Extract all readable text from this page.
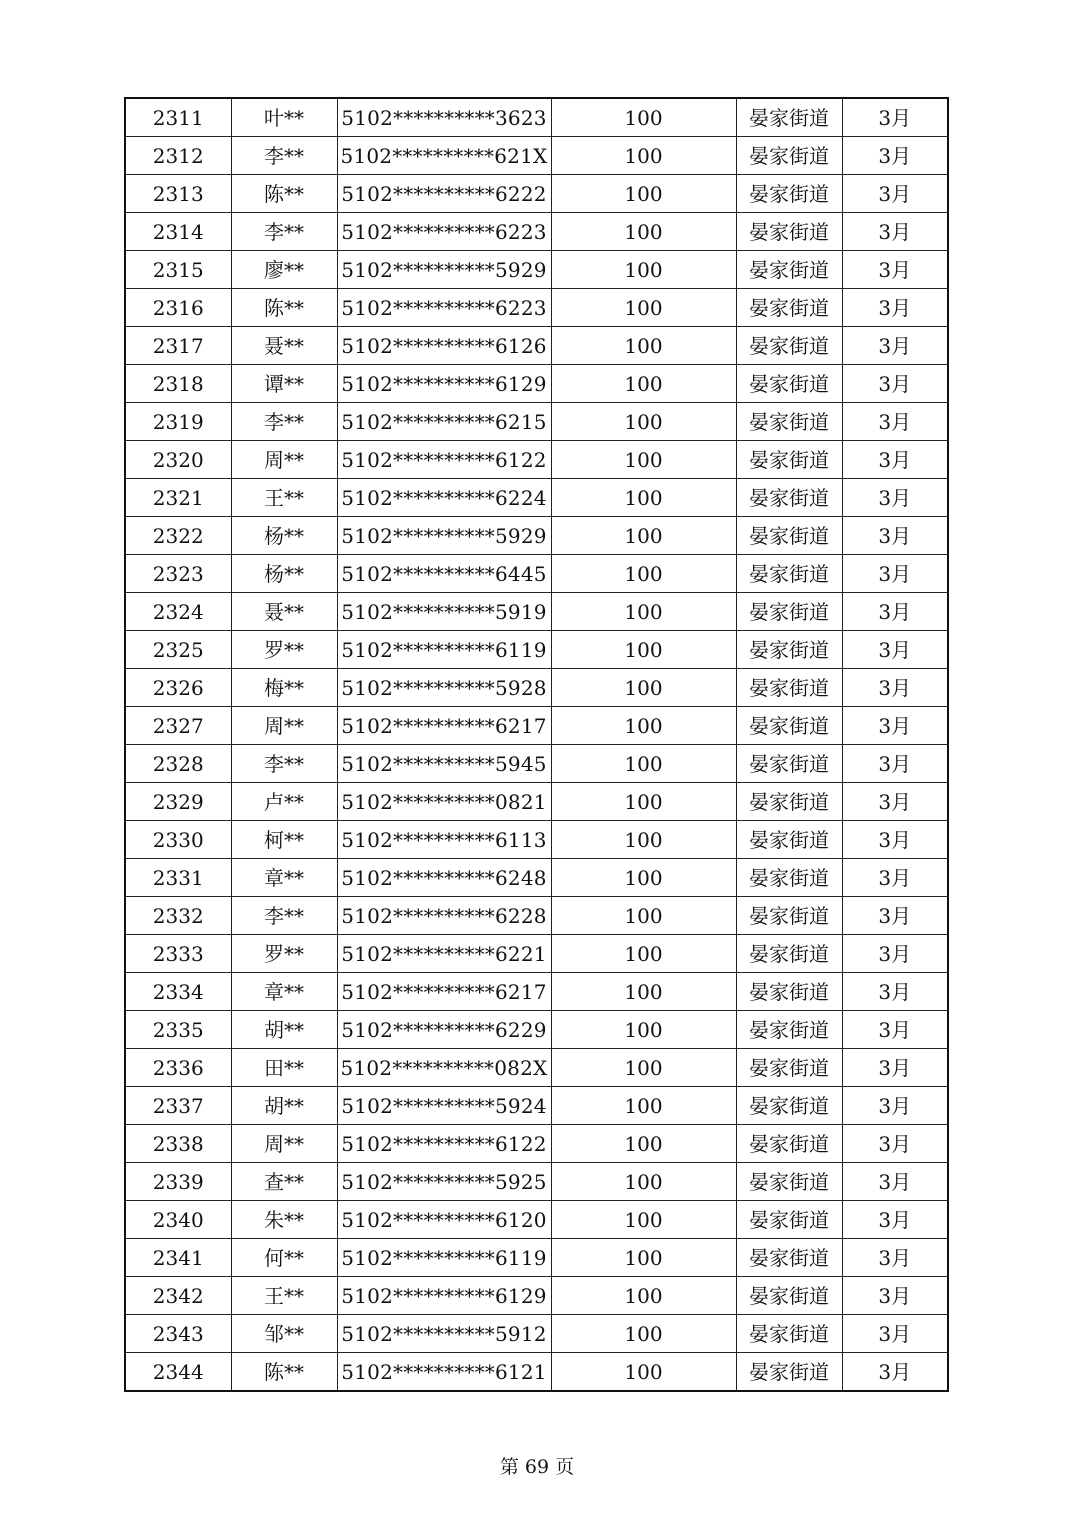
2311	叶**	5102**********3623	100	晏家街道	3月
2312	李**	5102**********621X	100	晏家街道	3月
2313	陈**	5102**********6222	100	晏家街道	3月
2314	李**	5102**********6223	100	晏家街道	3月
2315	廖**	5102**********5929	100	晏家街道	3月
2316	陈**	5102**********6223	100	晏家街道	3月
2317	聂**	5102**********6126	100	晏家街道	3月
2318	谭**	5102**********6129	100	晏家街道	3月
2319	李**	5102**********6215	100	晏家街道	3月
2320	周**	5102**********6122	100	晏家街道	3月
2321	王**	5102**********6224	100	晏家街道	3月
2322	杨**	5102**********5929	100	晏家街道	3月
2323	杨**	5102**********6445	100	晏家街道	3月
2324	聂**	5102**********5919	100	晏家街道	3月
2325	罗**	5102**********6119	100	晏家街道	3月
2326	梅**	5102**********5928	100	晏家街道	3月
2327	周**	5102**********6217	100	晏家街道	3月
2328	李**	5102**********5945	100	晏家街道	3月
2329	卢**	5102**********0821	100	晏家街道	3月
2330	柯**	5102**********6113	100	晏家街道	3月
2331	章**	5102**********6248	100	晏家街道	3月
2332	李**	5102**********6228	100	晏家街道	3月
2333	罗**	5102**********6221	100	晏家街道	3月
2334	章**	5102**********6217	100	晏家街道	3月
2335	胡**	5102**********6229	100	晏家街道	3月
2336	田**	5102**********082X	100	晏家街道	3月
2337	胡**	5102**********5924	100	晏家街道	3月
2338	周**	5102**********6122	100	晏家街道	3月
2339	查**	5102**********5925	100	晏家街道	3月
2340	朱**	5102**********6120	100	晏家街道	3月
2341	何**	5102**********6119	100	晏家街道	3月
2342	王**	5102**********6129	100	晏家街道	3月
2343	邹**	5102**********5912	100	晏家街道	3月
2344	陈**	5102**********6121	100	晏家街道	3月
第 69 页
